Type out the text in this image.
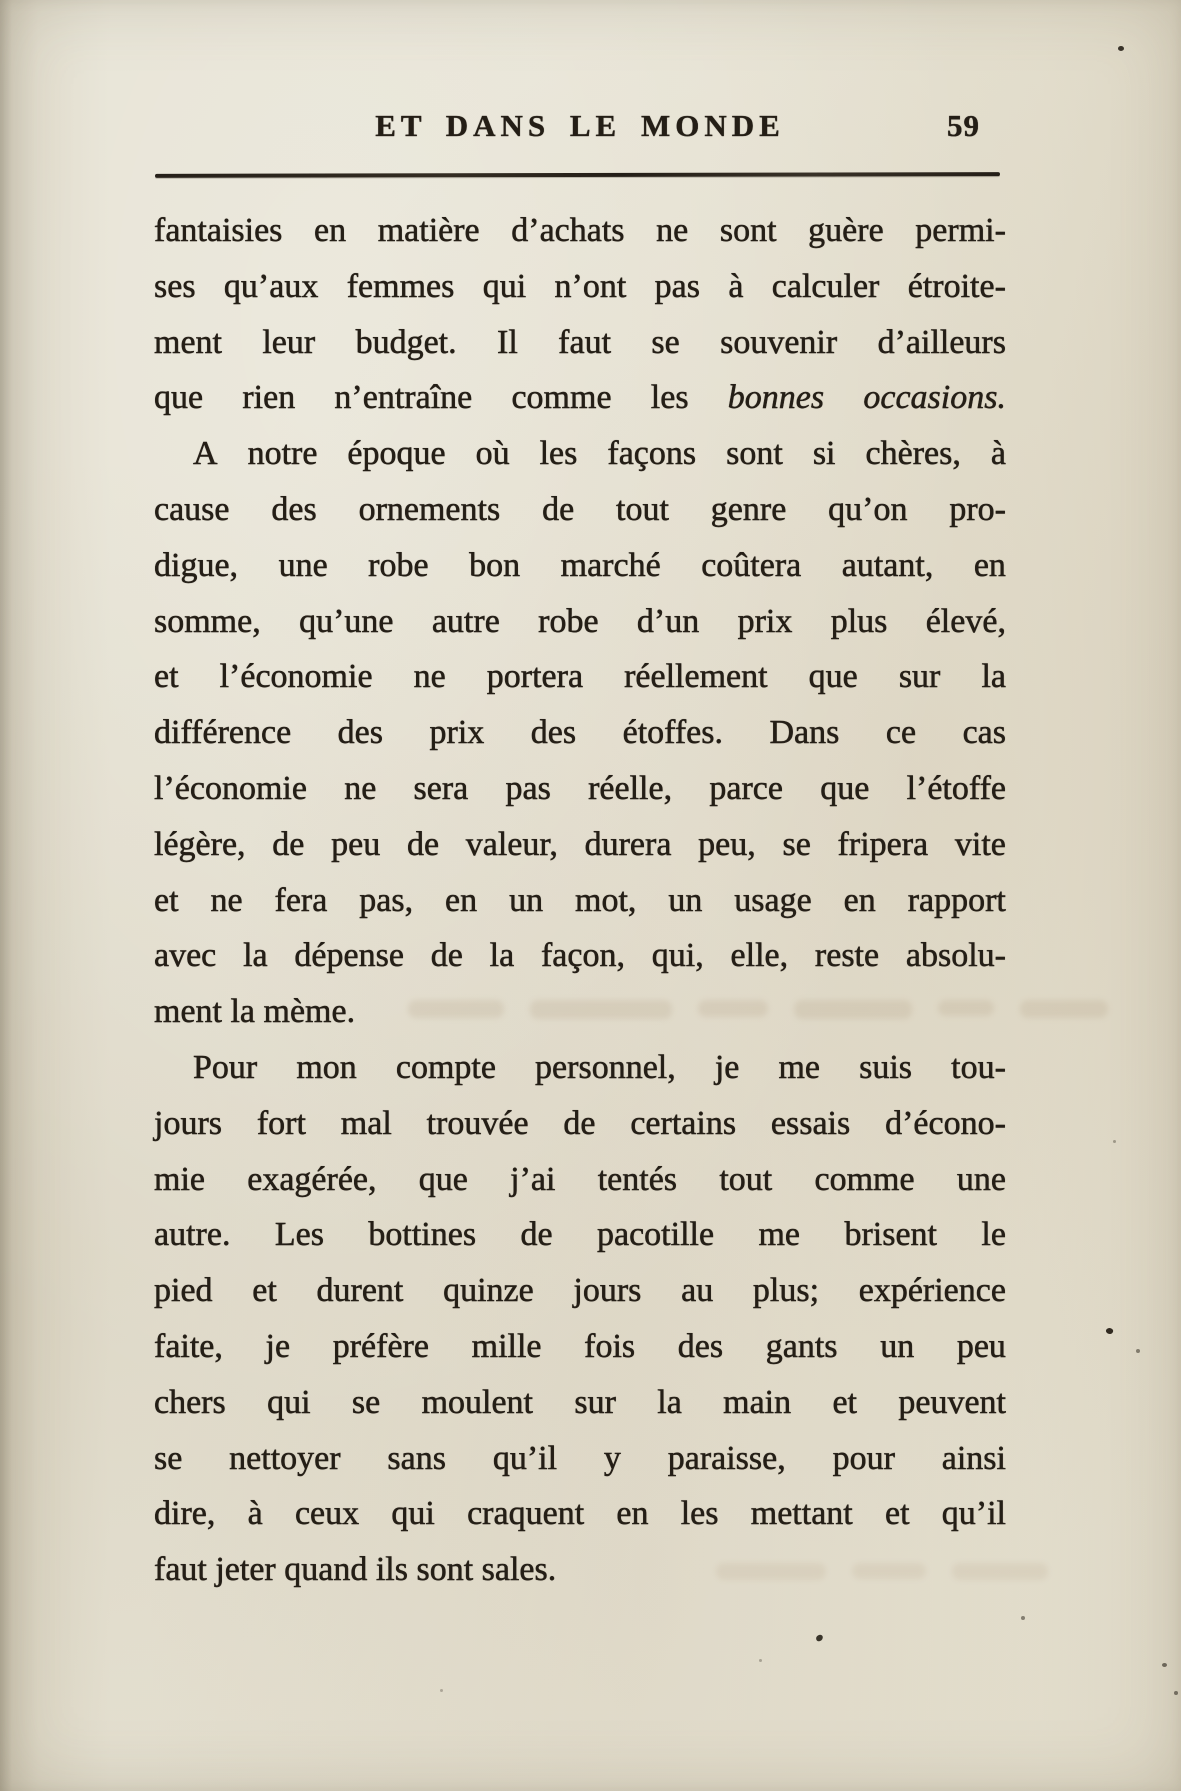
ET DANS LE MONDE	59
fantaisies en matière d’achats ne sont guère permi-
ses qu’aux femmes qui n’ont pas à calculer étroite-
ment leur budget. Il faut se souvenir d’ailleurs
que rien n’entraîne comme les bonnes occasions.
A notre époque où les façons sont si chères, à
cause des ornements de tout genre qu’on pro-
digue, une robe bon marché coûtera autant, en
somme, qu’une autre robe d’un prix plus élevé,
et l’économie ne portera réellement que sur la
différence des prix des étoffes. Dans ce cas
l’économie ne sera pas réelle, parce que l’étoffe
légère, de peu de valeur, durera peu, se fripera vite
et ne fera pas, en un mot, un usage en rapport
avec la dépense de la façon, qui, elle, reste absolu-
ment la mème.
Pour mon compte personnel, je me suis tou-
jours fort mal trouvée de certains essais d’écono-
mie exagérée, que j’ai tentés tout comme une
autre. Les bottines de pacotille me brisent le
pied et durent quinze jours au plus; expérience
faite, je préfère mille fois des gants un peu
chers qui se moulent sur la main et peuvent
se nettoyer sans qu’il y paraisse, pour ainsi
dire, à ceux qui craquent en les mettant et qu’il
faut jeter quand ils sont sales.
